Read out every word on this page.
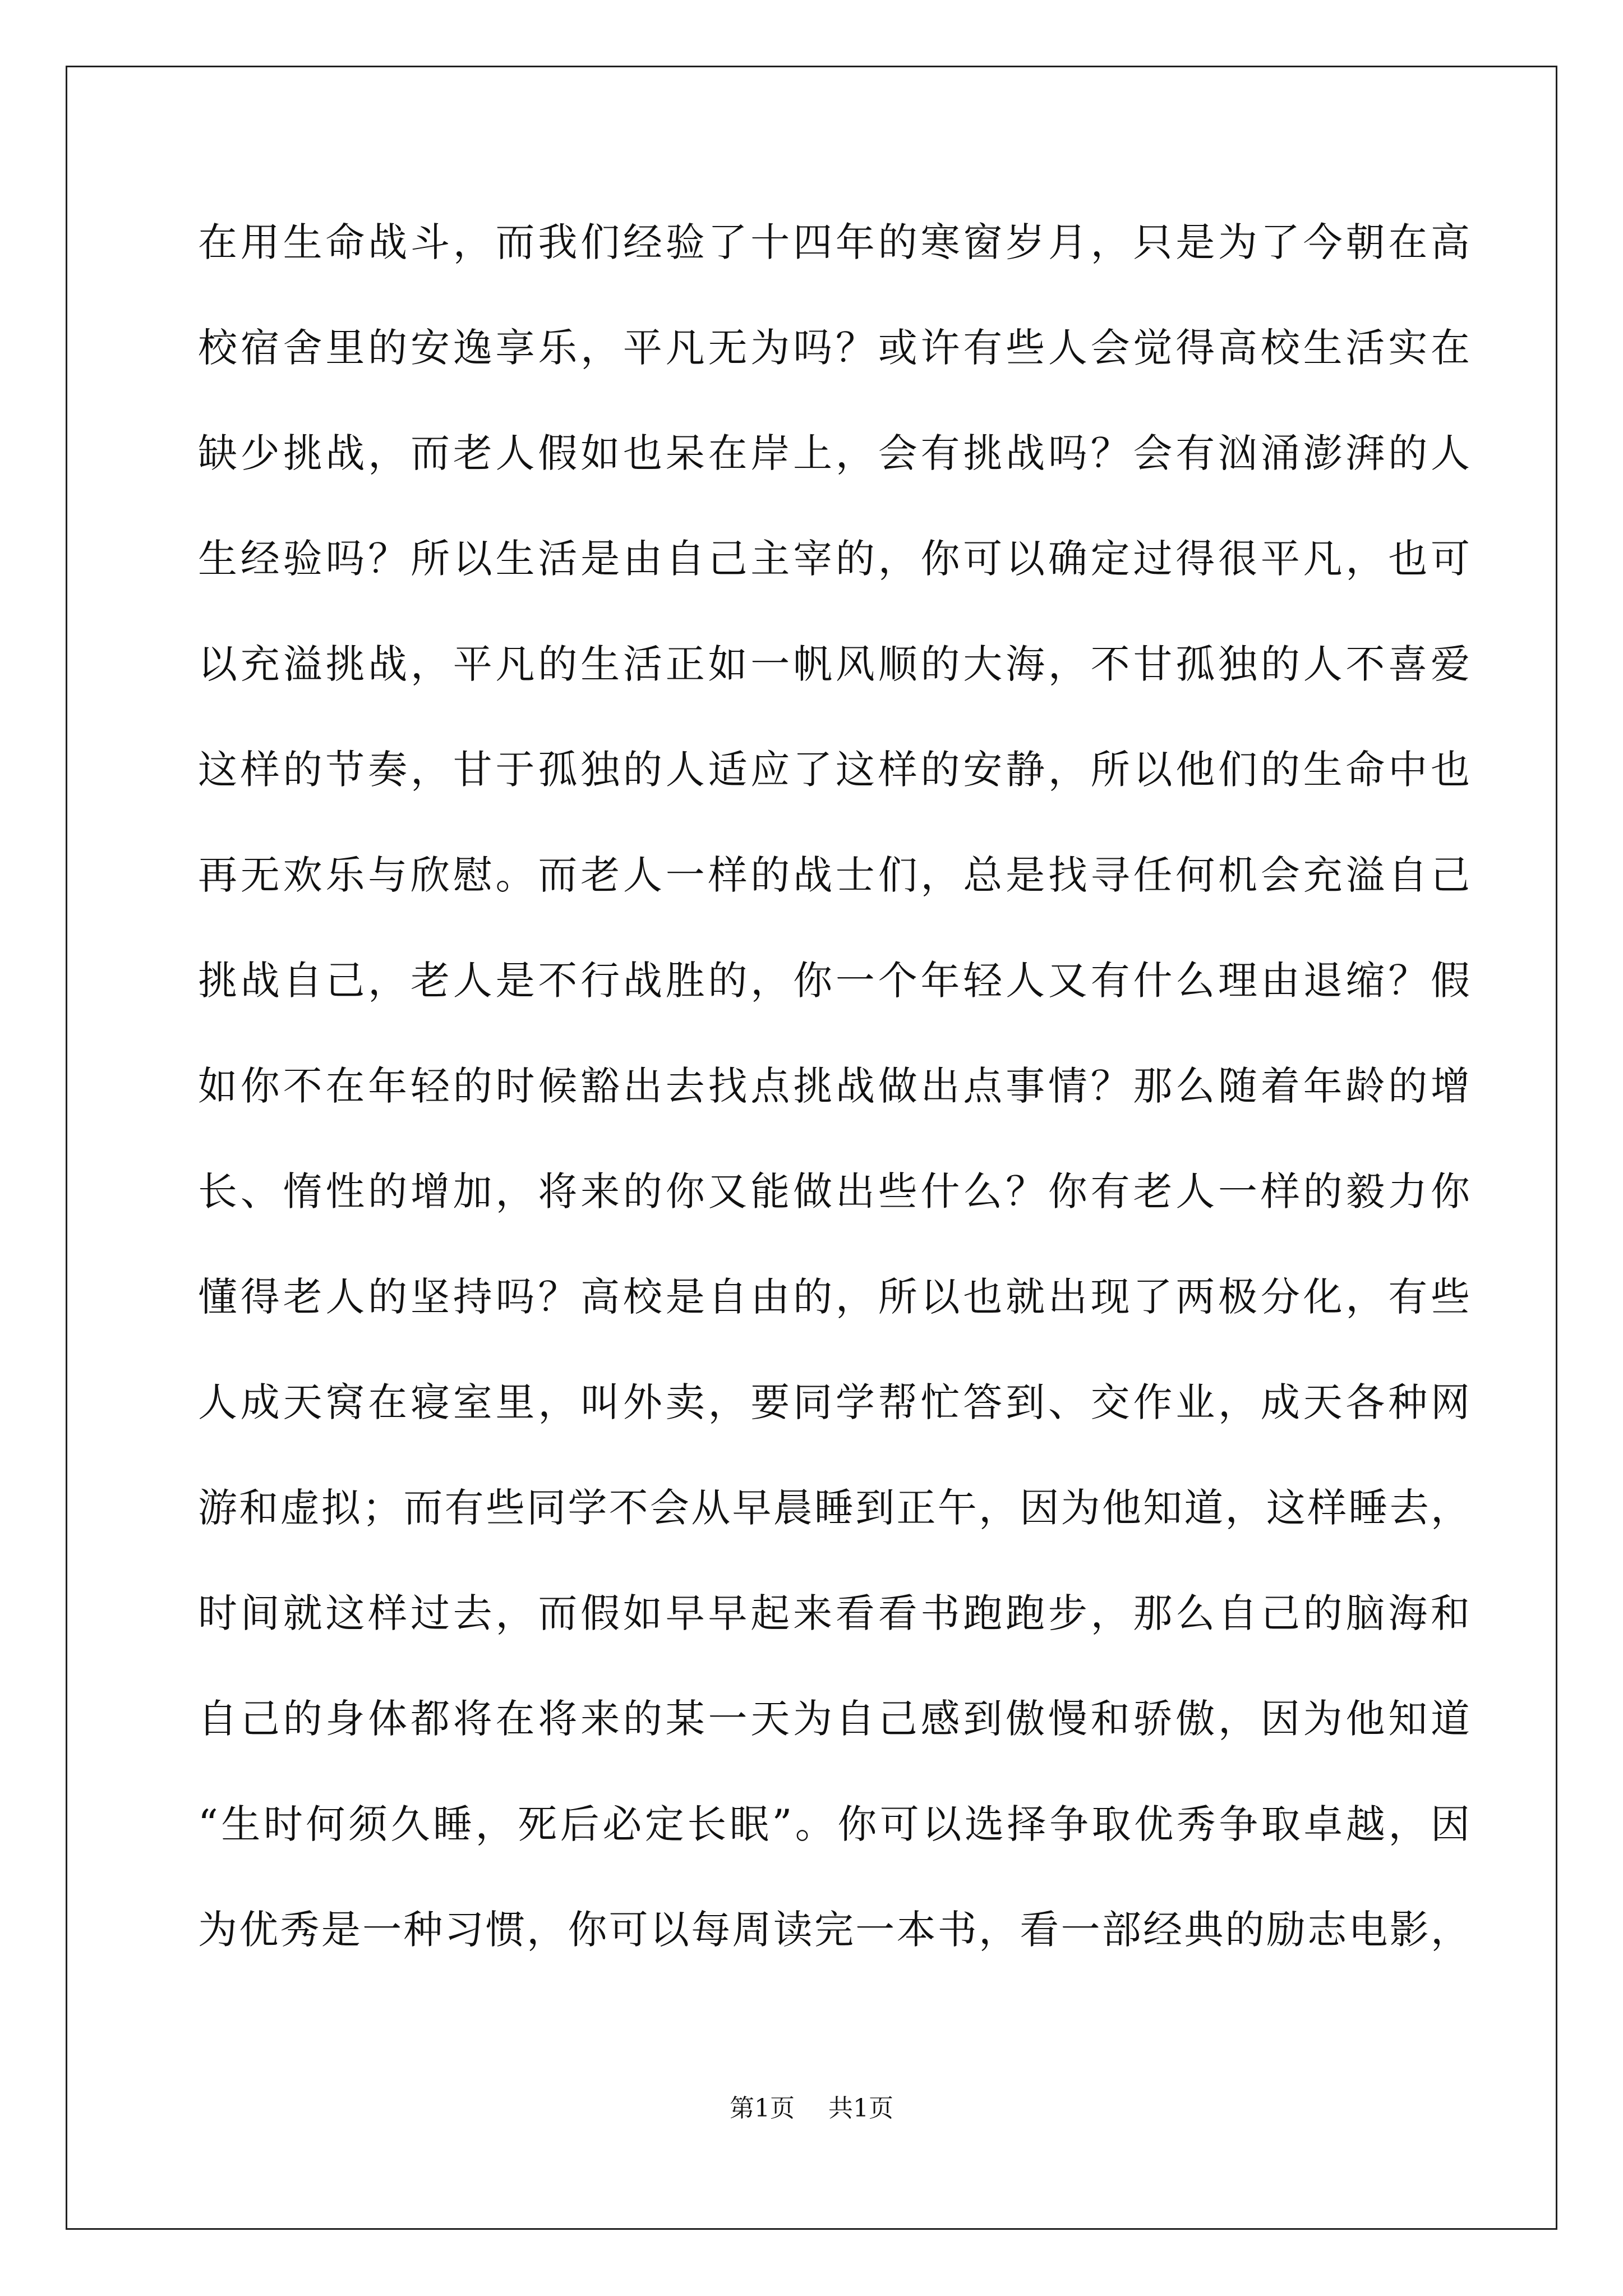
在用生命战斗，而我们经验了十四年的寒窗岁月，只是为了今朝在高
校宿舍里的安逸享乐，平凡无为吗？或许有些人会觉得高校生活实在
缺少挑战，而老人假如也呆在岸上，会有挑战吗？会有汹涌澎湃的人
生经验吗？所以生活是由自己主宰的，你可以确定过得很平凡，也可
以充溢挑战，平凡的生活正如一帆风顺的大海，不甘孤独的人不喜爱
这样的节奏，甘于孤独的人适应了这样的安静，所以他们的生命中也
再无欢乐与欣慰。而老人一样的战士们，总是找寻任何机会充溢自己
挑战自己，老人是不行战胜的，你一个年轻人又有什么理由退缩？假
如你不在年轻的时候豁出去找点挑战做出点事情？那么随着年龄的增
长、惰性的增加，将来的你又能做出些什么？你有老人一样的毅力你
懂得老人的坚持吗？高校是自由的，所以也就出现了两极分化，有些
人成天窝在寝室里，叫外卖，要同学帮忙答到、交作业，成天各种网
游和虚拟；而有些同学不会从早晨睡到正午，因为他知道，这样睡去，
时间就这样过去，而假如早早起来看看书跑跑步，那么自己的脑海和
自己的身体都将在将来的某一天为自己感到傲慢和骄傲，因为他知道
“生时何须久睡，死后必定长眠”。你可以选择争取优秀争取卓越，因
为优秀是一种习惯，你可以每周读完一本书，看一部经典的励志电影，
第1页 共1页
